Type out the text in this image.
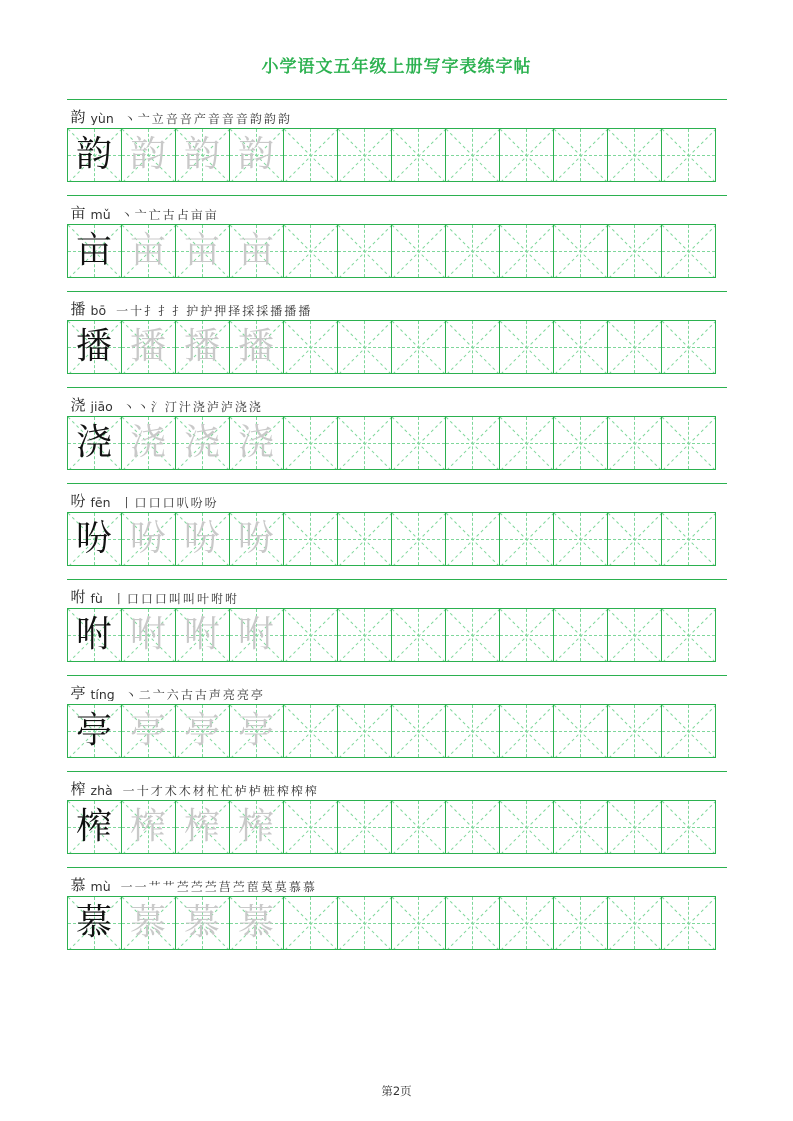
小学语文五年级上册写字表练字帖
韵 yùn 丶 亠 立 咅 咅 产 音 音 音 韵 韵 韵
韵 韵 韵 韵
亩 mǔ 丶 亠 亡 古 占 亩 亩
亩 亩 亩 亩
播 bō 一 十 扌 扌 扌 护 护 押 择 採 採 播 播 播
播 播 播 播
浇 jiāo 丶 丶 氵 汀 汁 浇 泸 泸 浇 浇
浇 浇 浇 浇
吩 fēn 丨 口 口 口 叭 吩 吩
吩 吩 吩 吩
咐 fù 丨 口 口 口 叫 叫 叶 咐 咐
咐 咐 咐 咐
亭 tíng 丶 二 亠 六 古 古 声 亮 亮 亭
亭 亭 亭 亭
榨 zhà 一 十 才 术 木 材 杧 杧 栌 栌 桩 榨 榨 榨
榨 榨 榨 榨
慕 mù 一 一 艹 艹 苎 苎 苎 莒 苎 茞 茣 莫 慕 慕
慕 慕 慕 慕
第2页
